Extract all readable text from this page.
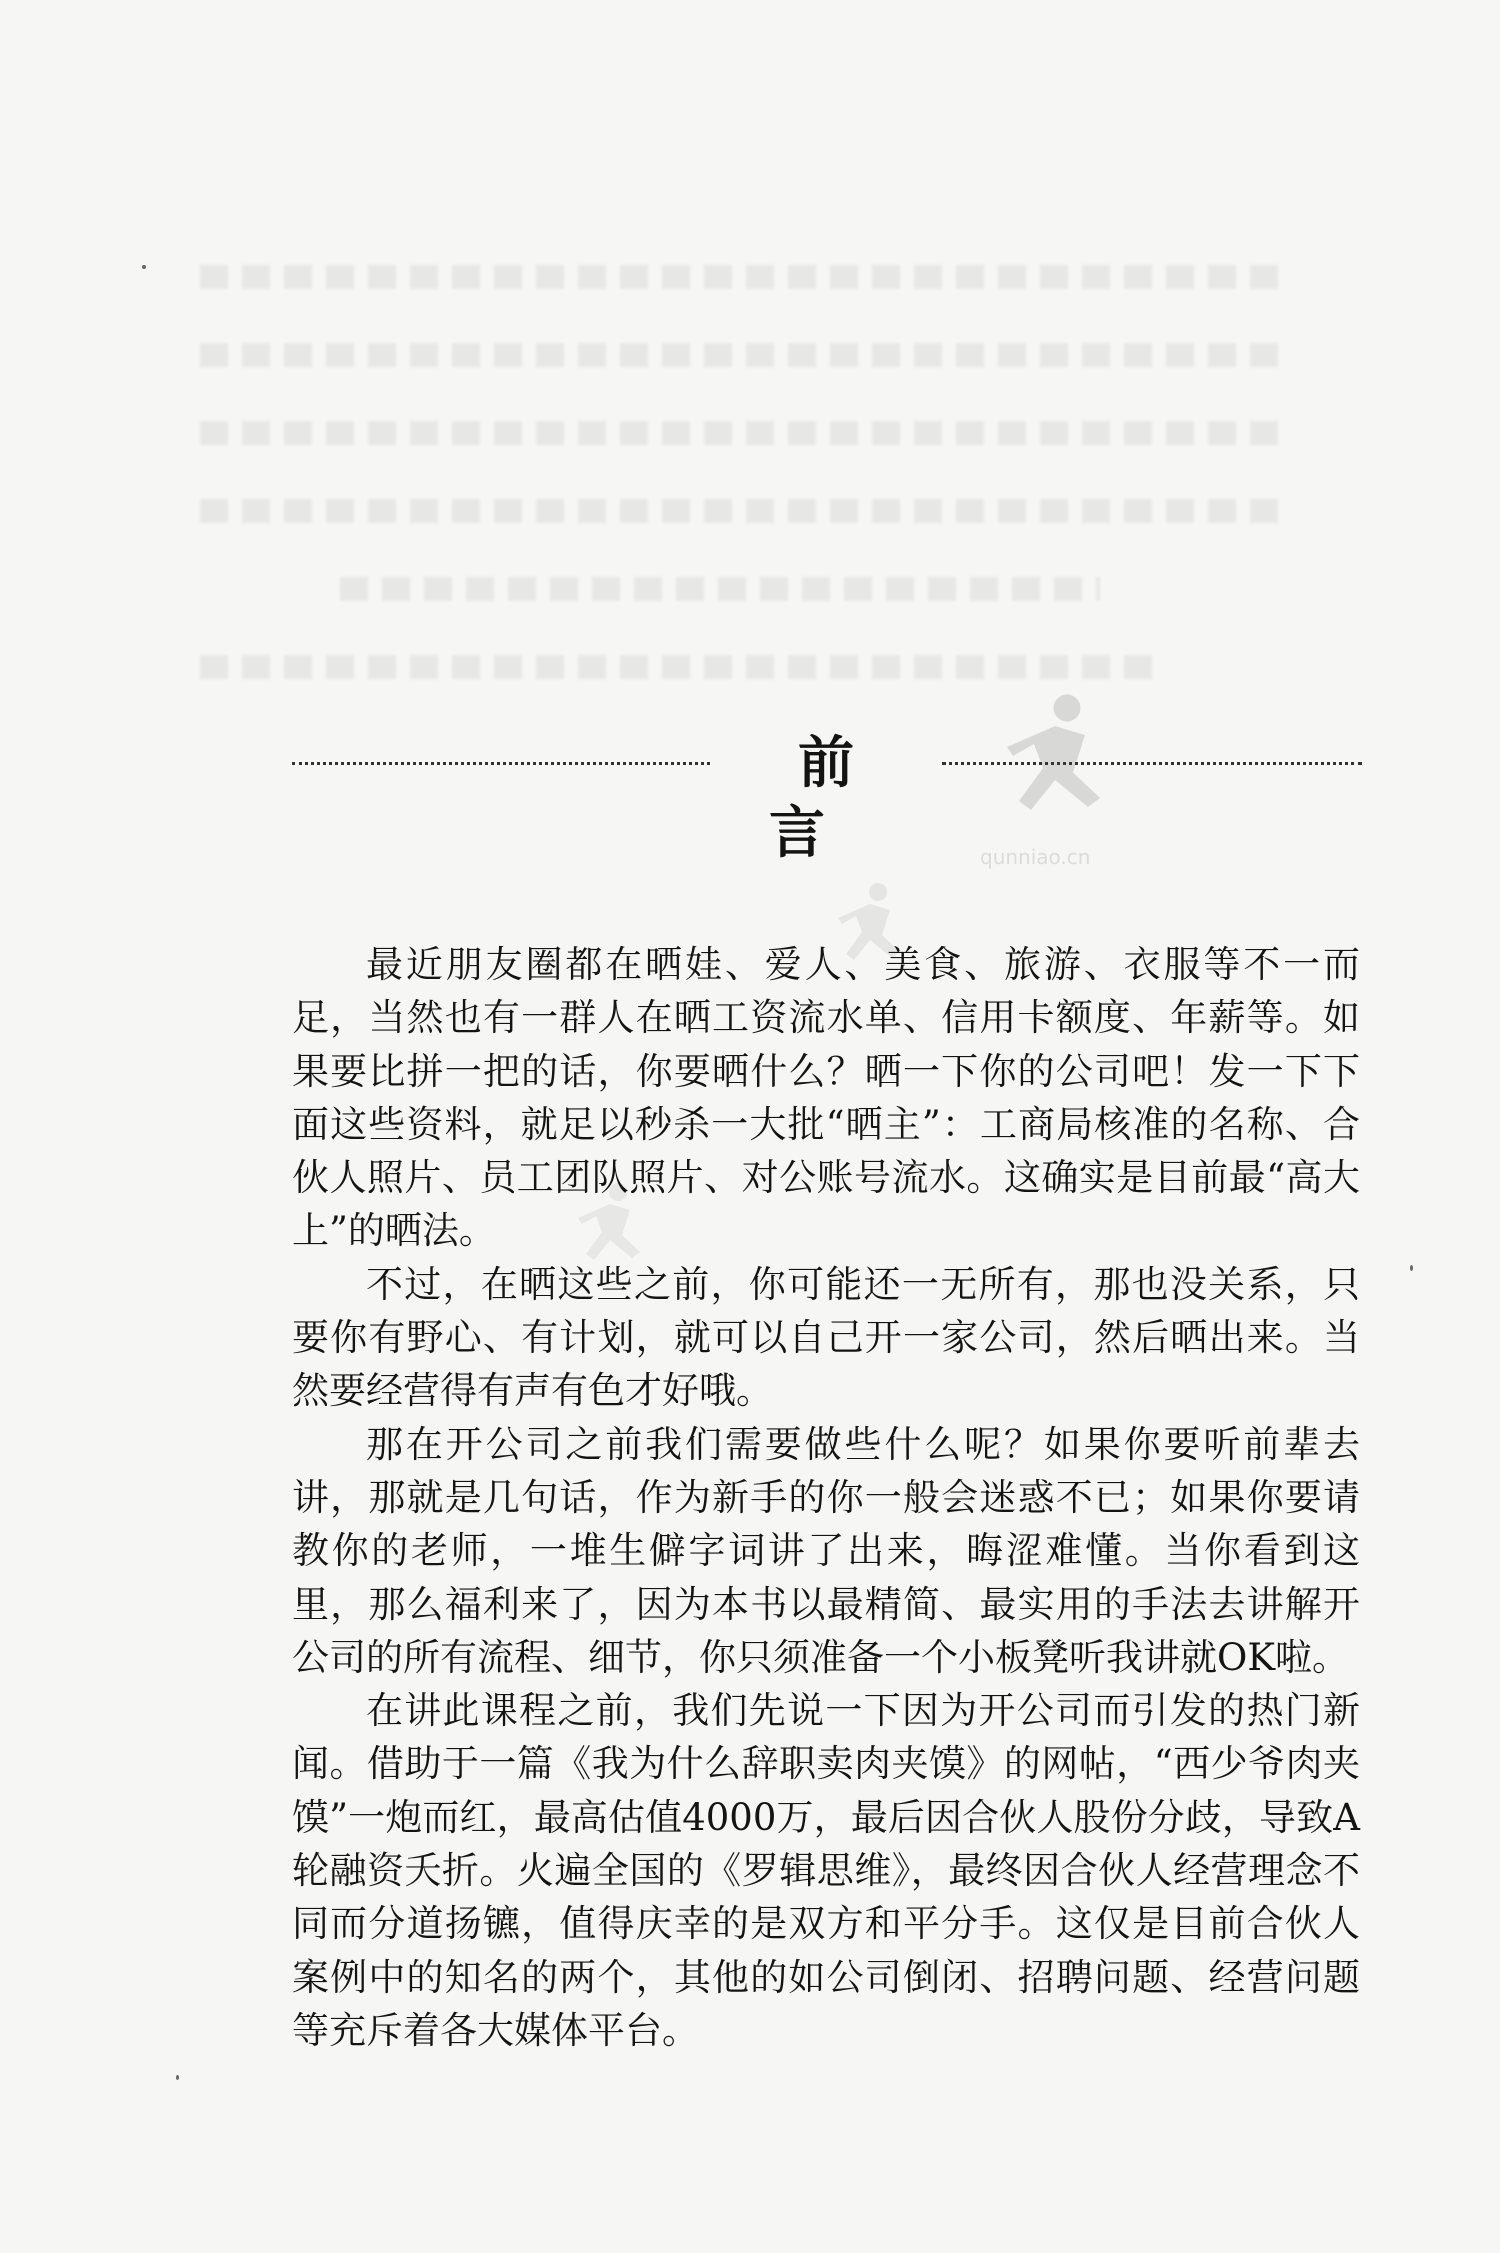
前言	qunniao.cn

最近朋友圈都在晒娃、爱人、美食、旅游、衣服等不一而足，当然也有一群人在晒工资流水单、信用卡额度、年薪等。如果要比拼一把的话，你要晒什么？晒一下你的公司吧！发一下下面这些资料，就足以秒杀一大批“晒主”：工商局核准的名称、合伙人照片、员工团队照片、对公账号流水。这确实是目前最“高大上”的晒法。

不过，在晒这些之前，你可能还一无所有，那也没关系，只要你有野心、有计划，就可以自己开一家公司，然后晒出来。当然要经营得有声有色才好哦。

那在开公司之前我们需要做些什么呢？如果你要听前辈去讲，那就是几句话，作为新手的你一般会迷惑不已；如果你要请教你的老师，一堆生僻字词讲了出来，晦涩难懂。当你看到这里，那么福利来了，因为本书以最精简、最实用的手法去讲解开公司的所有流程、细节，你只须准备一个小板凳听我讲就OK啦。

在讲此课程之前，我们先说一下因为开公司而引发的热门新闻。借助于一篇《我为什么辞职卖肉夹馍》的网帖，“西少爷肉夹馍”一炮而红，最高估值4000万，最后因合伙人股份分歧，导致A轮融资夭折。火遍全国的《罗辑思维》，最终因合伙人经营理念不同而分道扬镳，值得庆幸的是双方和平分手。这仅是目前合伙人案例中的知名的两个，其他的如公司倒闭、招聘问题、经营问题等充斥着各大媒体平台。
